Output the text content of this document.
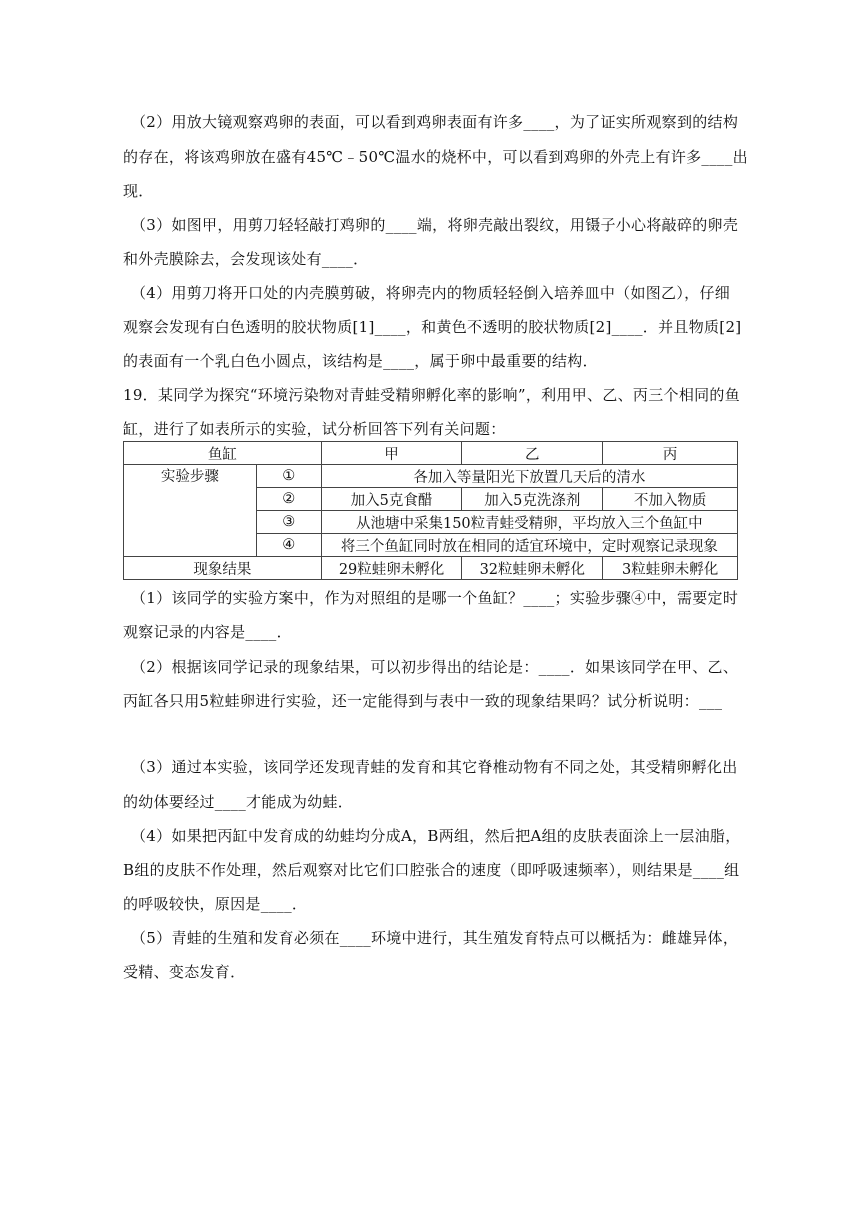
（2）用放大镜观察鸡卵的表面，可以看到鸡卵表面有许多____，为了证实所观察到的结构
的存在，将该鸡卵放在盛有45℃﹣50℃温水的烧杯中，可以看到鸡卵的外壳上有许多____出
现．
（3）如图甲，用剪刀轻轻敲打鸡卵的____端，将卵壳敲出裂纹，用镊子小心将敲碎的卵壳
和外壳膜除去，会发现该处有____．
（4）用剪刀将开口处的内壳膜剪破，将卵壳内的物质轻轻倒入培养皿中（如图乙），仔细
观察会发现有白色透明的胶状物质[1]____，和黄色不透明的胶状物质[2]____．并且物质[2]
的表面有一个乳白色小圆点，该结构是____，属于卵中最重要的结构．
19．某同学为探究“环境污染物对青蛙受精卵孵化率的影响”，利用甲、乙、丙三个相同的鱼
缸，进行了如表所示的实验，试分析回答下列有关问题：
鱼缸		甲	乙	丙
实验步骤	①	各加入等量阳光下放置几天后的清水		
	②	加入5克食醋	加入5克洗涤剂	不加入物质
	③	从池塘中采集150粒青蛙受精卵，平均放入三个鱼缸中		
	④	将三个鱼缸同时放在相同的适宜环境中，定时观察记录现象		
现象结果		29粒蛙卵未孵化	32粒蛙卵未孵化	3粒蛙卵未孵化
（1）该同学的实验方案中，作为对照组的是哪一个鱼缸？____；实验步骤④中，需要定时
观察记录的内容是____．
（2）根据该同学记录的现象结果，可以初步得出的结论是：____．如果该同学在甲、乙、
丙缸各只用5粒蛙卵进行实验，还一定能得到与表中一致的现象结果吗？试分析说明：___
（3）通过本实验，该同学还发现青蛙的发育和其它脊椎动物有不同之处，其受精卵孵化出
的幼体要经过____才能成为幼蛙．
（4）如果把丙缸中发育成的幼蛙均分成A，B两组，然后把A组的皮肤表面涂上一层油脂，
B组的皮肤不作处理，然后观察对比它们口腔张合的速度（即呼吸速频率），则结果是____组
的呼吸较快，原因是____．
（5）青蛙的生殖和发育必须在____环境中进行，其生殖发育特点可以概括为：雌雄异体，
受精、变态发育．
